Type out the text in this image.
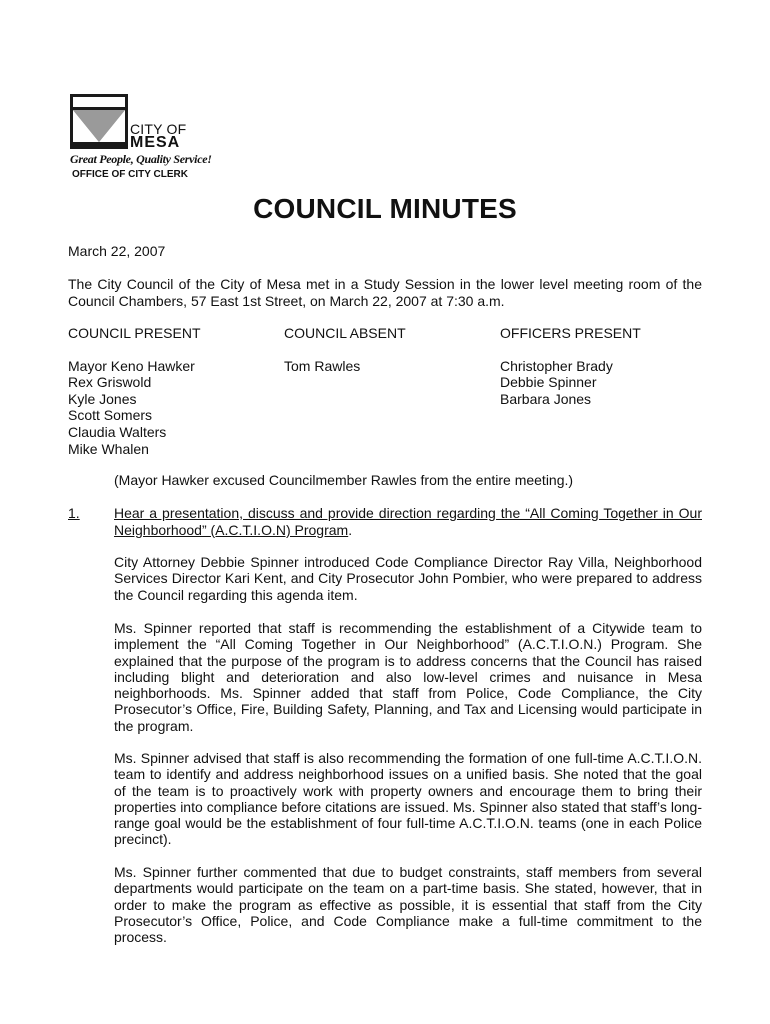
CITY OF
MESA
Great People, Quality Service!
OFFICE OF CITY CLERK
COUNCIL MINUTES
March 22, 2007
The City Council of the City of Mesa met in a Study Session in the lower level meeting room of the Council Chambers, 57 East 1st Street, on March 22, 2007 at 7:30 a.m.
COUNCIL PRESENT
Mayor Keno Hawker
Rex Griswold
Kyle Jones
Scott Somers
Claudia Walters
Mike Whalen
COUNCIL ABSENT
Tom Rawles
OFFICERS PRESENT
Christopher Brady
Debbie Spinner
Barbara Jones
(Mayor Hawker excused Councilmember Rawles from the entire meeting.)
1. Hear a presentation, discuss and provide direction regarding the “All Coming Together in Our Neighborhood” (A.C.T.I.O.N) Program.
City Attorney Debbie Spinner introduced Code Compliance Director Ray Villa, Neighborhood Services Director Kari Kent, and City Prosecutor John Pombier, who were prepared to address the Council regarding this agenda item.
Ms. Spinner reported that staff is recommending the establishment of a Citywide team to implement the “All Coming Together in Our Neighborhood” (A.C.T.I.O.N.) Program. She explained that the purpose of the program is to address concerns that the Council has raised including blight and deterioration and also low-level crimes and nuisance in Mesa neighborhoods. Ms. Spinner added that staff from Police, Code Compliance, the City Prosecutor’s Office, Fire, Building Safety, Planning, and Tax and Licensing would participate in the program.
Ms. Spinner advised that staff is also recommending the formation of one full-time A.C.T.I.O.N. team to identify and address neighborhood issues on a unified basis. She noted that the goal of the team is to proactively work with property owners and encourage them to bring their properties into compliance before citations are issued. Ms. Spinner also stated that staff’s long-range goal would be the establishment of four full-time A.C.T.I.O.N. teams (one in each Police precinct).
Ms. Spinner further commented that due to budget constraints, staff members from several departments would participate on the team on a part-time basis. She stated, however, that in order to make the program as effective as possible, it is essential that staff from the City Prosecutor’s Office, Police, and Code Compliance make a full-time commitment to the process.
